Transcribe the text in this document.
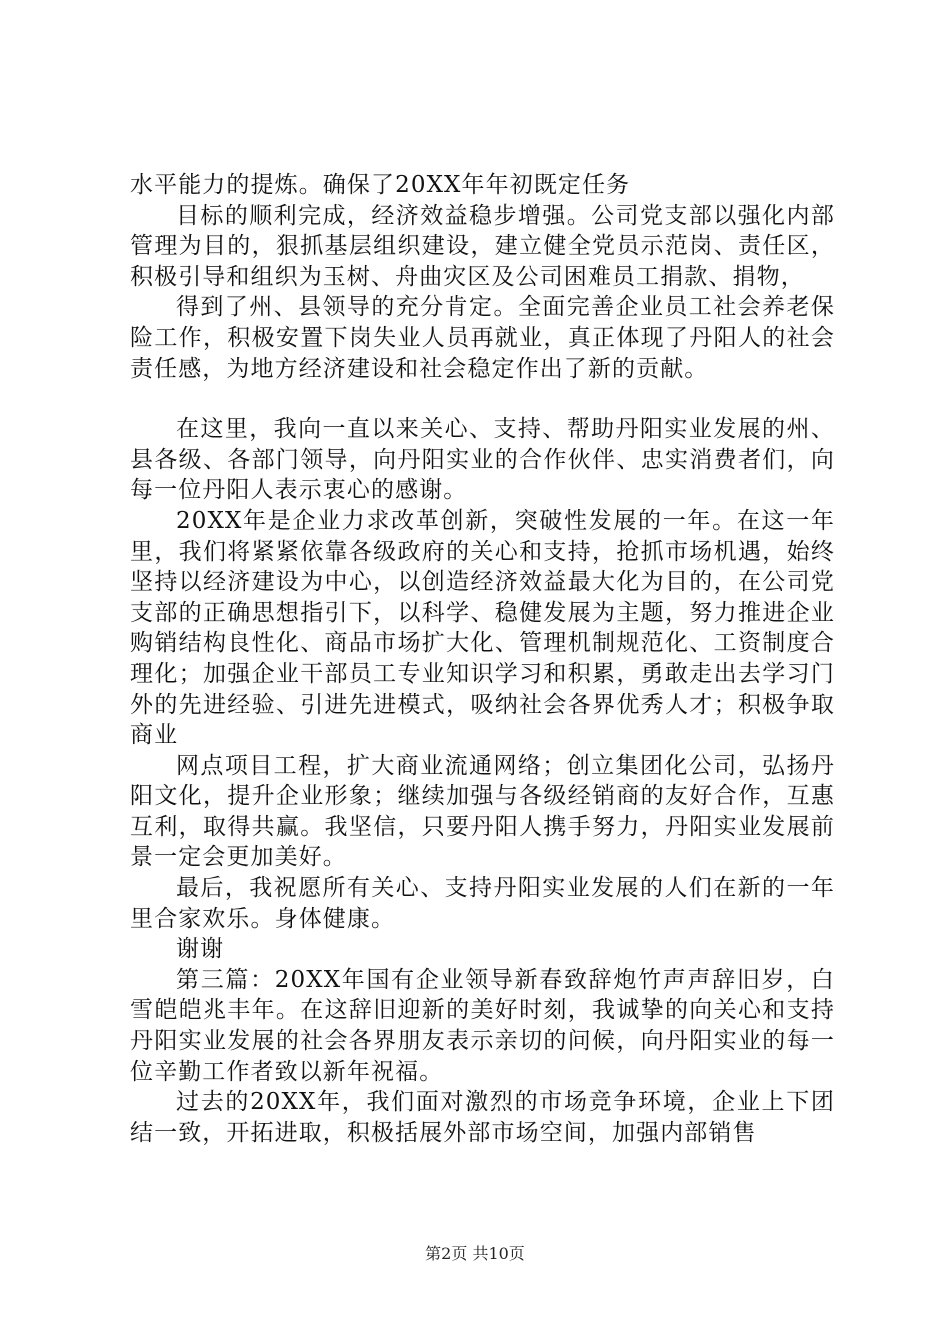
水平能力的提炼。确保了20XX年年初既定任务

目标的顺利完成，经济效益稳步增强。公司党支部以强化内部管理为目的，狠抓基层组织建设，建立健全党员示范岗、责任区，积极引导和组织为玉树、舟曲灾区及公司困难员工捐款、捐物，

得到了州、县领导的充分肯定。全面完善企业员工社会养老保险工作，积极安置下岗失业人员再就业，真正体现了丹阳人的社会责任感，为地方经济建设和社会稳定作出了新的贡献。

在这里，我向一直以来关心、支持、帮助丹阳实业发展的州、县各级、各部门领导，向丹阳实业的合作伙伴、忠实消费者们，向每一位丹阳人表示衷心的感谢。

20XX年是企业力求改革创新，突破性发展的一年。在这一年里，我们将紧紧依靠各级政府的关心和支持，抢抓市场机遇，始终坚持以经济建设为中心，以创造经济效益最大化为目的，在公司党支部的正确思想指引下，以科学、稳健发展为主题，努力推进企业购销结构良性化、商品市场扩大化、管理机制规范化、工资制度合理化；加强企业干部员工专业知识学习和积累，勇敢走出去学习门外的先进经验、引进先进模式，吸纳社会各界优秀人才；积极争取商业

网点项目工程，扩大商业流通网络；创立集团化公司，弘扬丹阳文化，提升企业形象；继续加强与各级经销商的友好合作，互惠互利，取得共赢。我坚信，只要丹阳人携手努力，丹阳实业发展前景一定会更加美好。

最后，我祝愿所有关心、支持丹阳实业发展的人们在新的一年里合家欢乐。身体健康。

谢谢

第三篇：20XX年国有企业领导新春致辞炮竹声声辞旧岁，白雪皑皑兆丰年。在这辞旧迎新的美好时刻，我诚挚的向关心和支持丹阳实业发展的社会各界朋友表示亲切的问候，向丹阳实业的每一位辛勤工作者致以新年祝福。

过去的20XX年，我们面对激烈的市场竞争环境，企业上下团结一致，开拓进取，积极括展外部市场空间，加强内部销售

第2页 共10页
